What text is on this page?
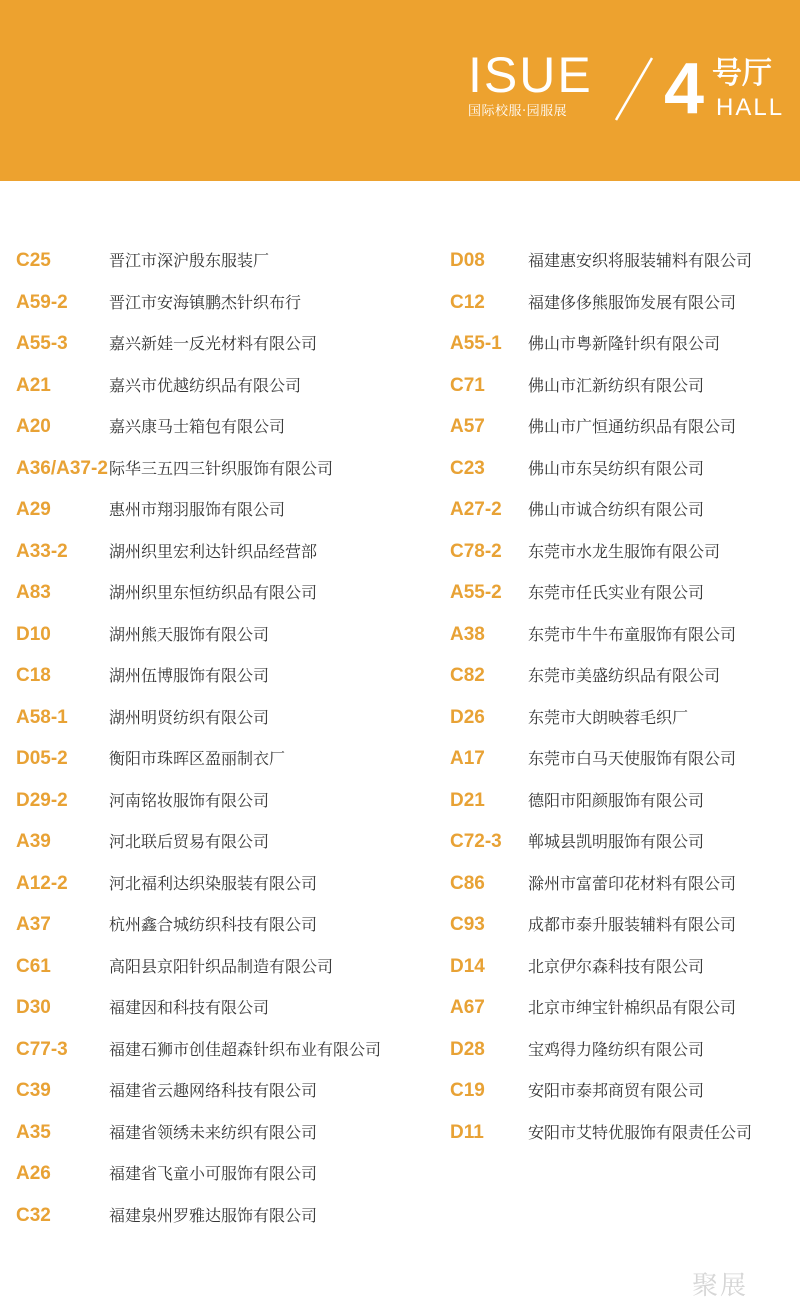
ISUE
国际校服·园服展	4 号厅
HALL
C25	晋江市深沪殷东服装厂
A59-2	晋江市安海镇鹏杰针织布行
A55-3	嘉兴新娃一反光材料有限公司
A21	嘉兴市优越纺织品有限公司
A20	嘉兴康马士箱包有限公司
A36/A37-2 际华三五四三针织服饰有限公司
A29	惠州市翔羽服饰有限公司
A33-2	湖州织里宏利达针织品经营部
A83	湖州织里东恒纺织品有限公司
D10	湖州熊天服饰有限公司
C18	湖州伍博服饰有限公司
A58-1	湖州明贤纺织有限公司
D05-2	衡阳市珠晖区盈丽制衣厂
D29-2	河南铭妆服饰有限公司
A39	河北联后贸易有限公司
A12-2	河北福利达织染服装有限公司
A37	杭州鑫合城纺织科技有限公司
C61	高阳县京阳针织品制造有限公司
D30	福建因和科技有限公司
C77-3	福建石狮市创佳超森针织布业有限公司
C39	福建省云趣网络科技有限公司
A35	福建省领绣未来纺织有限公司
A26	福建省飞童小可服饰有限公司
C32	福建泉州罗雅达服饰有限公司
D08	福建惠安织将服装辅料有限公司
C12	福建侈侈熊服饰发展有限公司
A55-1 佛山市粤新隆针织有限公司
C71	佛山市汇新纺织有限公司
A57	佛山市广恒通纺织品有限公司
C23	佛山市东吴纺织有限公司
A27-2 佛山市诚合纺织有限公司
C78-2 东莞市水龙生服饰有限公司
A55-2 东莞市任氏实业有限公司
A38	东莞市牛牛布童服饰有限公司
C82	东莞市美盛纺织品有限公司
D26	东莞市大朗映蓉毛织厂
A17	东莞市白马天使服饰有限公司
D21	德阳市阳颜服饰有限公司
C72-3 郸城县凯明服饰有限公司
C86	滁州市富蕾印花材料有限公司
C93	成都市泰升服装辅料有限公司
D14	北京伊尔森科技有限公司
A67	北京市绅宝针棉织品有限公司
D28	宝鸡得力隆纺织有限公司
C19	安阳市泰邦商贸有限公司
D11	安阳市艾特优服饰有限责任公司
聚展
